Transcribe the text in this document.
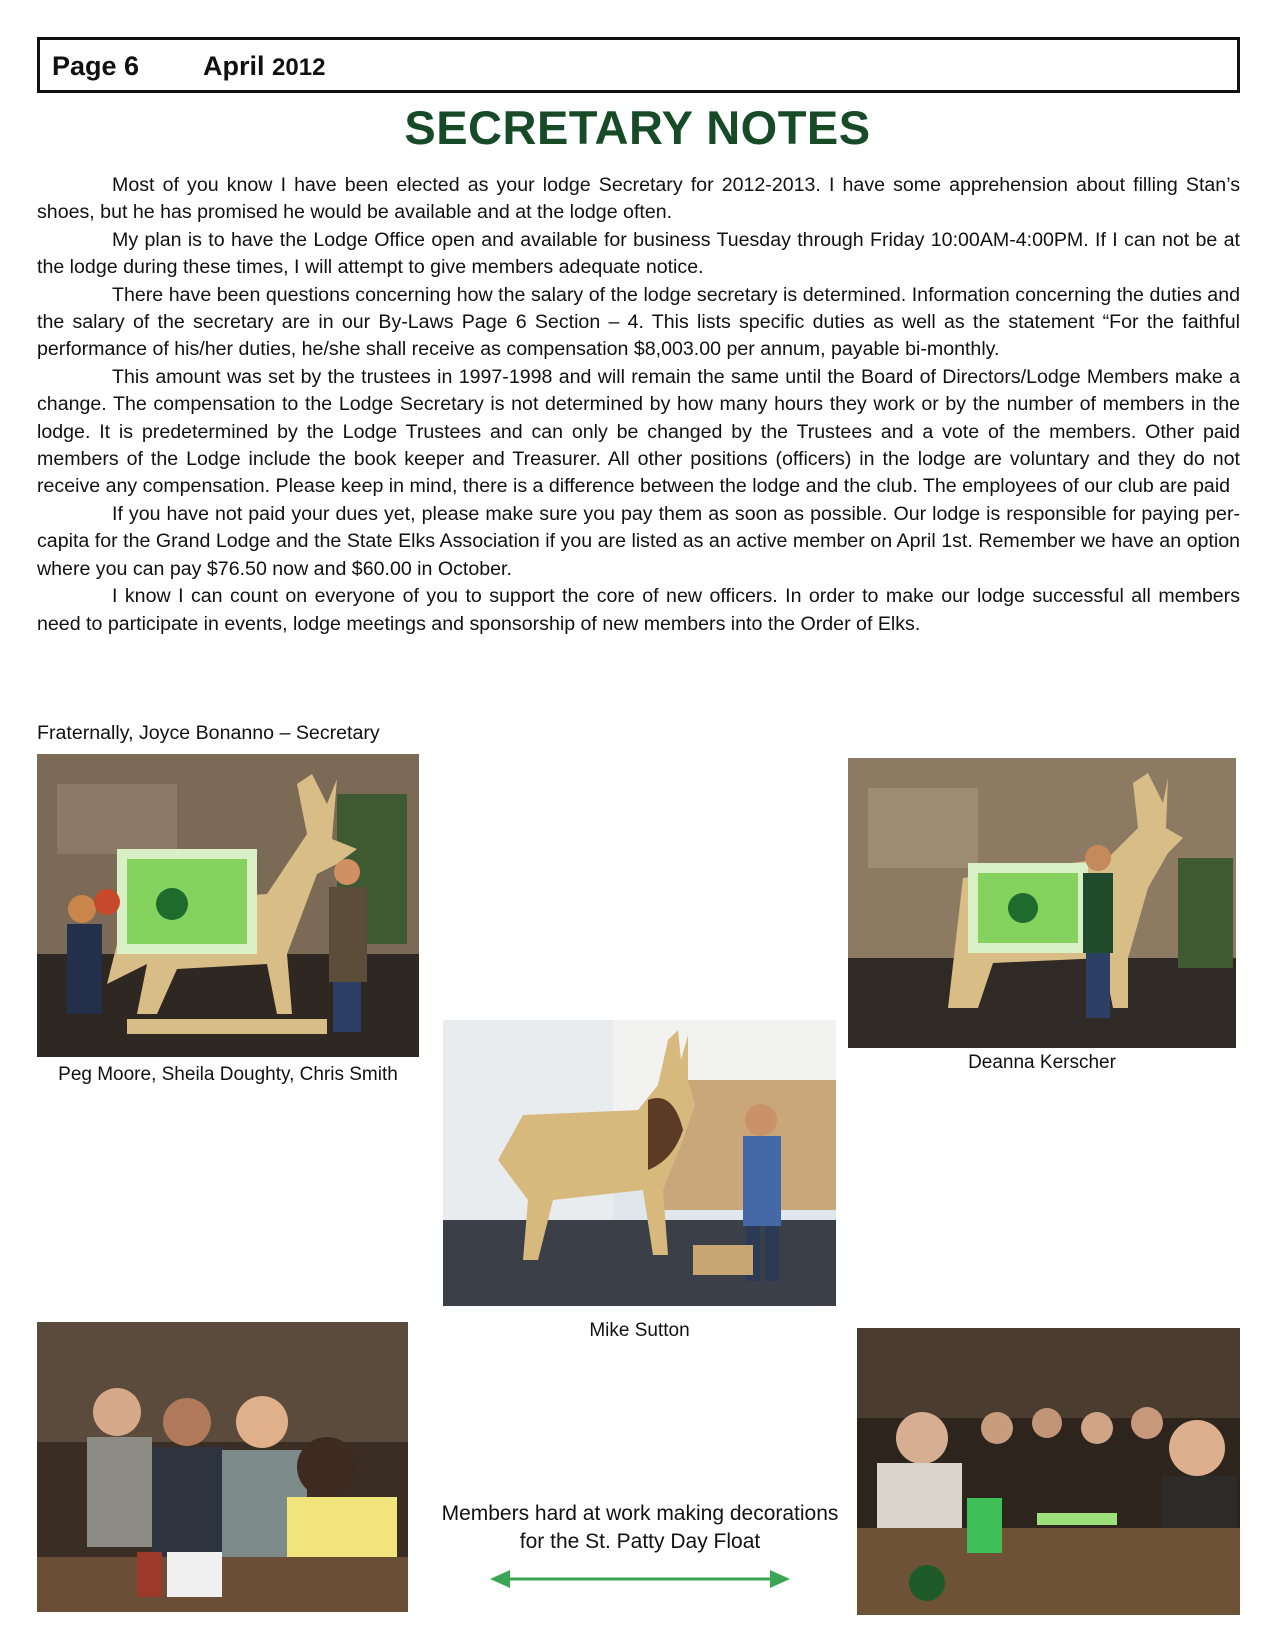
Page 6 April 2012
SECRETARY NOTES

Most of you know I have been elected as your lodge Secretary for 2012-2013. I have some apprehension about filling Stan’s shoes, but he has promised he would be available and at the lodge often.

My plan is to have the Lodge Office open and available for business Tuesday through Friday 10:00AM-4:00PM. If I can not be at the lodge during these times, I will attempt to give members adequate notice.

There have been questions concerning how the salary of the lodge secretary is determined. Information concerning the duties and the salary of the secretary are in our By-Laws Page 6 Section – 4. This lists specific duties as well as the statement “For the faithful performance of his/her duties, he/she shall receive as compensation $8,003.00 per annum, payable bi-monthly.

This amount was set by the trustees in 1997-1998 and will remain the same until the Board of Directors/Lodge Members make a change. The compensation to the Lodge Secretary is not determined by how many hours they work or by the number of members in the lodge. It is predetermined by the Lodge Trustees and can only be changed by the Trustees and a vote of the members. Other paid members of the Lodge include the book keeper and Treasurer. All other positions (officers) in the lodge are voluntary and they do not receive any compensation. Please keep in mind, there is a difference between the lodge and the club. The employees of our club are paid

If you have not paid your dues yet, please make sure you pay them as soon as possible. Our lodge is responsible for paying per-capita for the Grand Lodge and the State Elks Association if you are listed as an active member on April 1st. Remember we have an option where you can pay $76.50 now and $60.00 in October.

I know I can count on everyone of you to support the core of new officers. In order to make our lodge successful all members need to participate in events, lodge meetings and sponsorship of new members into the Order of Elks.

Fraternally, Joyce Bonanno – Secretary
Peg Moore, Sheila Doughty, Chris Smith
Deanna Kerscher
Mike Sutton
Members hard at work making decorations for the St. Patty Day Float
